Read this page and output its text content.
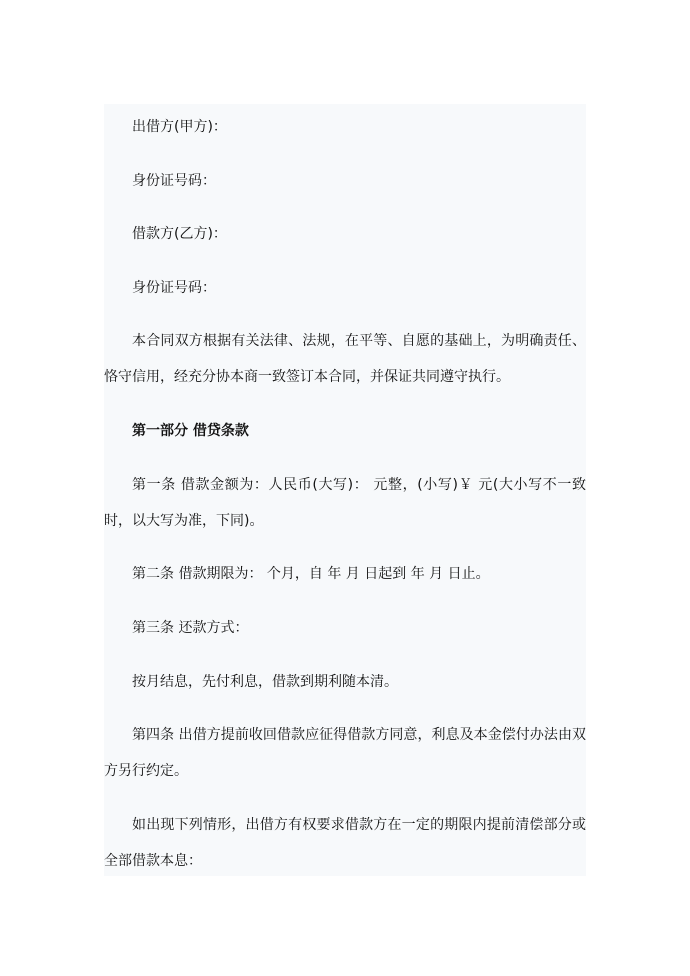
出借方(甲方)：

身份证号码：

借款方(乙方)：

身份证号码：

本合同双方根据有关法律、法规，在平等、自愿的基础上，为明确责任、恪守信用，经充分协本商一致签订本合同，并保证共同遵守执行。

第一部分 借贷条款

第一条 借款金额为：人民币(大写)： 元整，(小写)￥ 元(大小写不一致时，以大写为准，下同)。

第二条 借款期限为： 个月，自 年 月 日起到 年 月 日止。

第三条 还款方式：

按月结息，先付利息，借款到期利随本清。

第四条 出借方提前收回借款应征得借款方同意，利息及本金偿付办法由双方另行约定。

如出现下列情形，出借方有权要求借款方在一定的期限内提前清偿部分或全部借款本息：
